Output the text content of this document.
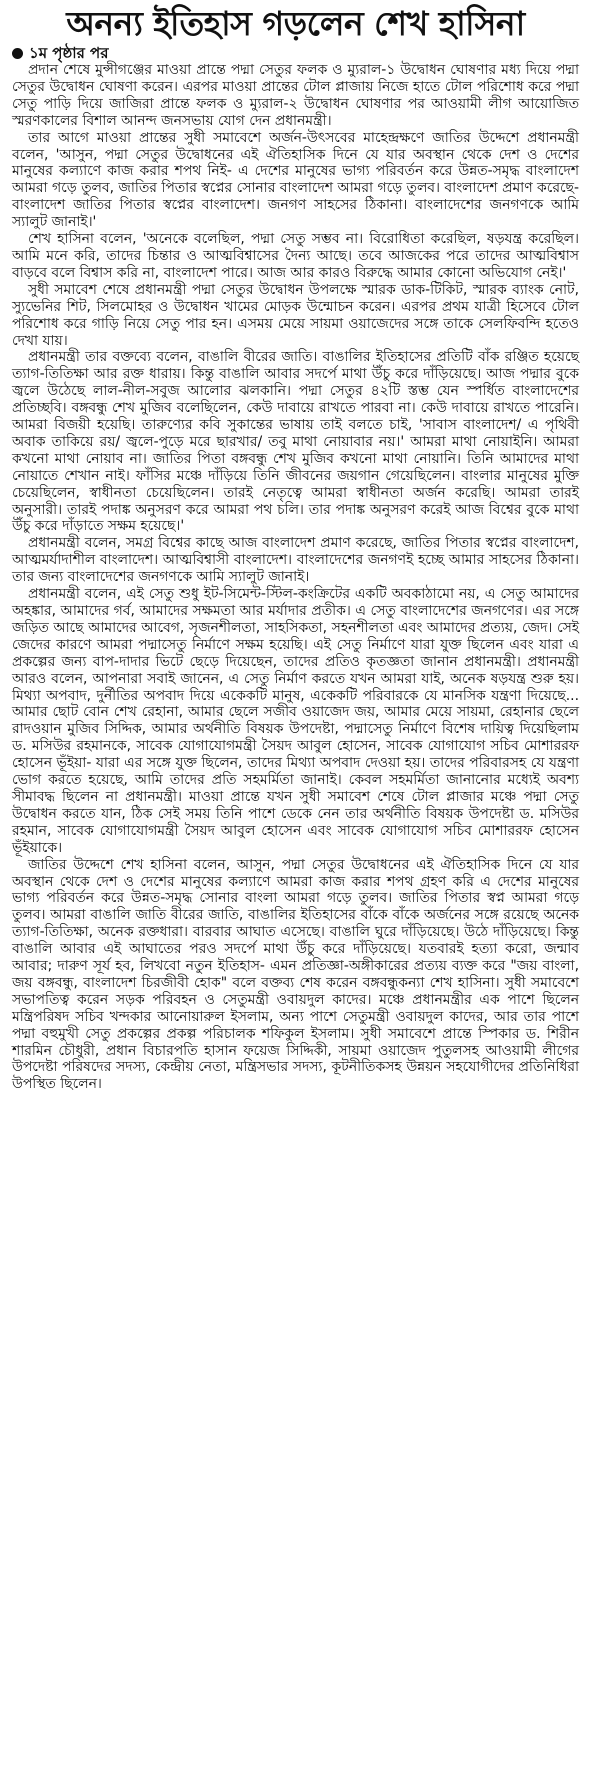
অনন্য ইতিহাস গড়লেন শেখ হাসিনা
১ম পৃষ্ঠার পর

প্রদান শেষে মুন্সীগঞ্জের মাওয়া প্রান্তে পদ্মা সেতুর ফলক ও ম্যুরাল-১ উদ্বোধন ঘোষণার মধ্য দিয়ে পদ্মা সেতুর উদ্বোধন ঘোষণা করেন। এরপর মাওয়া প্রান্তের টোল প্লাজায় নিজে হাতে টোল পরিশোধ করে পদ্মা সেতু পাড়ি দিয়ে জাজিরা প্রান্তে ফলক ও ম্যুরাল-২ উদ্বোধন ঘোষণার পর আওয়ামী লীগ আয়োজিত স্মরণকালের বিশাল আনন্দ জনসভায় যোগ দেন প্রধানমন্ত্রী।

তার আগে মাওয়া প্রান্তের সুধী সমাবেশে অর্জন-উৎসবের মাহেন্দ্রক্ষণে জাতির উদ্দেশে প্রধানমন্ত্রী বলেন, 'আসুন, পদ্মা সেতুর উদ্বোধনের এই ঐতিহাসিক দিনে যে যার অবস্থান থেকে দেশ ও দেশের মানুষের কল্যাণে কাজ করার শপথ নিই- এ দেশের মানুষের ভাগ্য পরিবর্তন করে উন্নত-সমৃদ্ধ বাংলাদেশ আমরা গড়ে তুলব, জাতির পিতার স্বপ্নের সোনার বাংলাদেশ আমরা গড়ে তুলব। বাংলাদেশ প্রমাণ করেছে- বাংলাদেশ জাতির পিতার স্বপ্নের বাংলাদেশ। জনগণ সাহসের ঠিকানা। বাংলাদেশের জনগণকে আমি স্যালুট জানাই।'

শেখ হাসিনা বলেন, 'অনেকে বলেছিল, পদ্মা সেতু সম্ভব না। বিরোধিতা করেছিল, ষড়যন্ত্র করেছিল। আমি মনে করি, তাদের চিন্তার ও আত্মবিশ্বাসের দৈন্য আছে। তবে আজকের পরে তাদের আত্মবিশ্বাস বাড়বে বলে বিশ্বাস করি না, বাংলাদেশ পারে। আজ আর কারও বিরুদ্ধে আমার কোনো অভিযোগ নেই।'

সুধী সমাবেশ শেষে প্রধানমন্ত্রী পদ্মা সেতুর উদ্বোধন উপলক্ষে স্মারক ডাক-টিকিট, স্মারক ব্যাংক নোট, স্যুভেনির শিট, সিলমোহর ও উদ্বোধন খামের মোড়ক উন্মোচন করেন। এরপর প্রথম যাত্রী হিসেবে টোল পরিশোধ করে গাড়ি নিয়ে সেতু পার হন। এসময় মেয়ে সায়মা ওয়াজেদের সঙ্গে তাকে সেলফিবন্দি হতেও দেখা যায়।

প্রধানমন্ত্রী তার বক্তব্যে বলেন, বাঙালি বীরের জাতি। বাঙালির ইতিহাসের প্রতিটি বাঁক রঞ্জিত হয়েছে ত্যাগ-তিতিক্ষা আর রক্ত ধারায়। কিন্তু বাঙালি আবার সদর্পে মাথা উঁচু করে দাঁড়িয়েছে। আজ পদ্মার বুকে জ্বলে উঠেছে লাল-নীল-সবুজ আলোর ঝলকানি। পদ্মা সেতুর ৪২টি স্তম্ভ যেন স্পর্ধিত বাংলাদেশের প্রতিচ্ছবি। বঙ্গবন্ধু শেখ মুজিব বলেছিলেন, কেউ দাবায়ে রাখতে পারবা না। কেউ দাবায়ে রাখতে পারেনি। আমরা বিজয়ী হয়েছি। তারুণ্যের কবি সুকান্তের ভাষায় তাই বলতে চাই, 'সাবাস বাংলাদেশ/ এ পৃথিবী অবাক তাকিয়ে রয়/ জ্বলে-পুড়ে মরে ছারখার/ তবু মাথা নোয়াবার নয়।' আমরা মাথা নোয়াইনি। আমরা কখনো মাথা নোয়াব না। জাতির পিতা বঙ্গবন্ধু শেখ মুজিব কখনো মাথা নোয়ানি। তিনি আমাদের মাথা নোয়াতে শেখান নাই। ফাঁসির মঞ্চে দাঁড়িয়ে তিনি জীবনের জয়গান গেয়েছিলেন। বাংলার মানুষের মুক্তি চেয়েছিলেন, স্বাধীনতা চেয়েছিলেন। তারই নেতৃত্বে আমরা স্বাধীনতা অর্জন করেছি। আমরা তারই অনুসারী। তারই পদাঙ্ক অনুসরণ করে আমরা পথ চলি। তার পদাঙ্ক অনুসরণ করেই আজ বিশ্বের বুকে মাথা উঁচু করে দাঁড়াতে সক্ষম হয়েছে।'

প্রধানমন্ত্রী বলেন, সমগ্র বিশ্বের কাছে আজ বাংলাদেশ প্রমাণ করেছে, জাতির পিতার স্বপ্নের বাংলাদেশ, আত্মমর্যাদাশীল বাংলাদেশ। আত্মবিশ্বাসী বাংলাদেশ। বাংলাদেশের জনগণই হচ্ছে আমার সাহসের ঠিকানা। তার জন্য বাংলাদেশের জনগণকে আমি স্যালুট জানাই।

প্রধানমন্ত্রী বলেন, এই সেতু শুধু ইট-সিমেন্ট-স্টিল-কংক্রিটের একটি অবকাঠামো নয়, এ সেতু আমাদের অহঙ্কার, আমাদের গর্ব, আমাদের সক্ষমতা আর মর্যাদার প্রতীক। এ সেতু বাংলাদেশের জনগণের। এর সঙ্গে জড়িত আছে আমাদের আবেগ, সৃজনশীলতা, সাহসিকতা, সহনশীলতা এবং আমাদের প্রত্যয়, জেদ। সেই জেদের কারণে আমরা পদ্মাসেতু নির্মাণে সক্ষম হয়েছি। এই সেতু নির্মাণে যারা যুক্ত ছিলেন এবং যারা এ প্রকল্পের জন্য বাপ-দাদার ভিটে ছেড়ে দিয়েছেন, তাদের প্রতিও কৃতজ্ঞতা জানান প্রধানমন্ত্রী। প্রধানমন্ত্রী আরও বলেন, আপনারা সবাই জানেন, এ সেতু নির্মাণ করতে যখন আমরা যাই, অনেক ষড়যন্ত্র শুরু হয়। মিথ্যা অপবাদ, দুর্নীতির অপবাদ দিয়ে একেকটি মানুষ, একেকটি পরিবারকে যে মানসিক যন্ত্রণা দিয়েছে... আমার ছোট বোন শেখ রেহানা, আমার ছেলে সজীব ওয়াজেদ জয়, আমার মেয়ে সায়মা, রেহানার ছেলে রাদওয়ান মুজিব সিদ্দিক, আমার অর্থনীতি বিষয়ক উপদেষ্টা, পদ্মাসেতু নির্মাণে বিশেষ দায়িত্ব দিয়েছিলাম ড. মসিউর রহমানকে, সাবেক যোগাযোগমন্ত্রী সৈয়দ আবুল হোসেন, সাবেক যোগাযোগ সচিব মোশাররফ হোসেন ভূঁইয়া- যারা এর সঙ্গে যুক্ত ছিলেন, তাদের মিথ্যা অপবাদ দেওয়া হয়। তাদের পরিবারসহ যে যন্ত্রণা ভোগ করতে হয়েছে, আমি তাদের প্রতি সহমর্মিতা জানাই। কেবল সহমর্মিতা জানানোর মধ্যেই অবশ্য সীমাবদ্ধ ছিলেন না প্রধানমন্ত্রী। মাওয়া প্রান্তে যখন সুধী সমাবেশ শেষে টোল প্লাজার মঞ্চে পদ্মা সেতু উদ্বোধন করতে যান, ঠিক সেই সময় তিনি পাশে ডেকে নেন তার অর্থনীতি বিষয়ক উপদেষ্টা ড. মসিউর রহমান, সাবেক যোগাযোগমন্ত্রী সৈয়দ আবুল হোসেন এবং সাবেক যোগাযোগ সচিব মোশাররফ হোসেন ভূঁইয়াকে।

জাতির উদ্দেশে শেখ হাসিনা বলেন, আসুন, পদ্মা সেতুর উদ্বোধনের এই ঐতিহাসিক দিনে যে যার অবস্থান থেকে দেশ ও দেশের মানুষের কল্যাণে আমরা কাজ করার শপথ গ্রহণ করি এ দেশের মানুষের ভাগ্য পরিবর্তন করে উন্নত-সমৃদ্ধ সোনার বাংলা আমরা গড়ে তুলব। জাতির পিতার স্বপ্ন আমরা গড়ে তুলব। আমরা বাঙালি জাতি বীরের জাতি, বাঙালির ইতিহাসের বাঁকে বাঁকে অর্জনের সঙ্গে রয়েছে অনেক ত্যাগ-তিতিক্ষা, অনেক রক্তধারা। বারবার আঘাত এসেছে। বাঙালি ঘুরে দাঁড়িয়েছে। উঠে দাঁড়িয়েছে। কিন্তু বাঙালি আবার এই আঘাতের পরও সদর্পে মাথা উঁচু করে দাঁড়িয়েছে। যতবারই হত্যা করো, জন্মাব আবার; দারুণ সূর্য হব, লিখবো নতুন ইতিহাস- এমন প্রতিজ্ঞা-অঙ্গীকারের প্রত্যয় ব্যক্ত করে "জয় বাংলা, জয় বঙ্গবন্ধু, বাংলাদেশ চিরজীবী হোক" বলে বক্তব্য শেষ করেন বঙ্গবন্ধুকন্যা শেখ হাসিনা। সুধী সমাবেশে সভাপতিত্ব করেন সড়ক পরিবহন ও সেতুমন্ত্রী ওবায়দুল কাদের। মঞ্চে প্রধানমন্ত্রীর এক পাশে ছিলেন মন্ত্রিপরিষদ সচিব খন্দকার আনোয়ারুল ইসলাম, অন্য পাশে সেতুমন্ত্রী ওবায়দুল কাদের, আর তার পাশে পদ্মা বহুমুখী সেতু প্রকল্পের প্রকল্প পরিচালক শফিকুল ইসলাম। সুধী সমাবেশে প্রান্তে স্পিকার ড. শিরীন শারমিন চৌধুরী, প্রধান বিচারপতি হাসান ফয়েজ সিদ্দিকী, সায়মা ওয়াজেদ পুতুলসহ আওয়ামী লীগের উপদেষ্টা পরিষদের সদস্য, কেন্দ্রীয় নেতা, মন্ত্রিসভার সদস্য, কূটনীতিকসহ উন্নয়ন সহযোগীদের প্রতিনিধিরা উপস্থিত ছিলেন।
